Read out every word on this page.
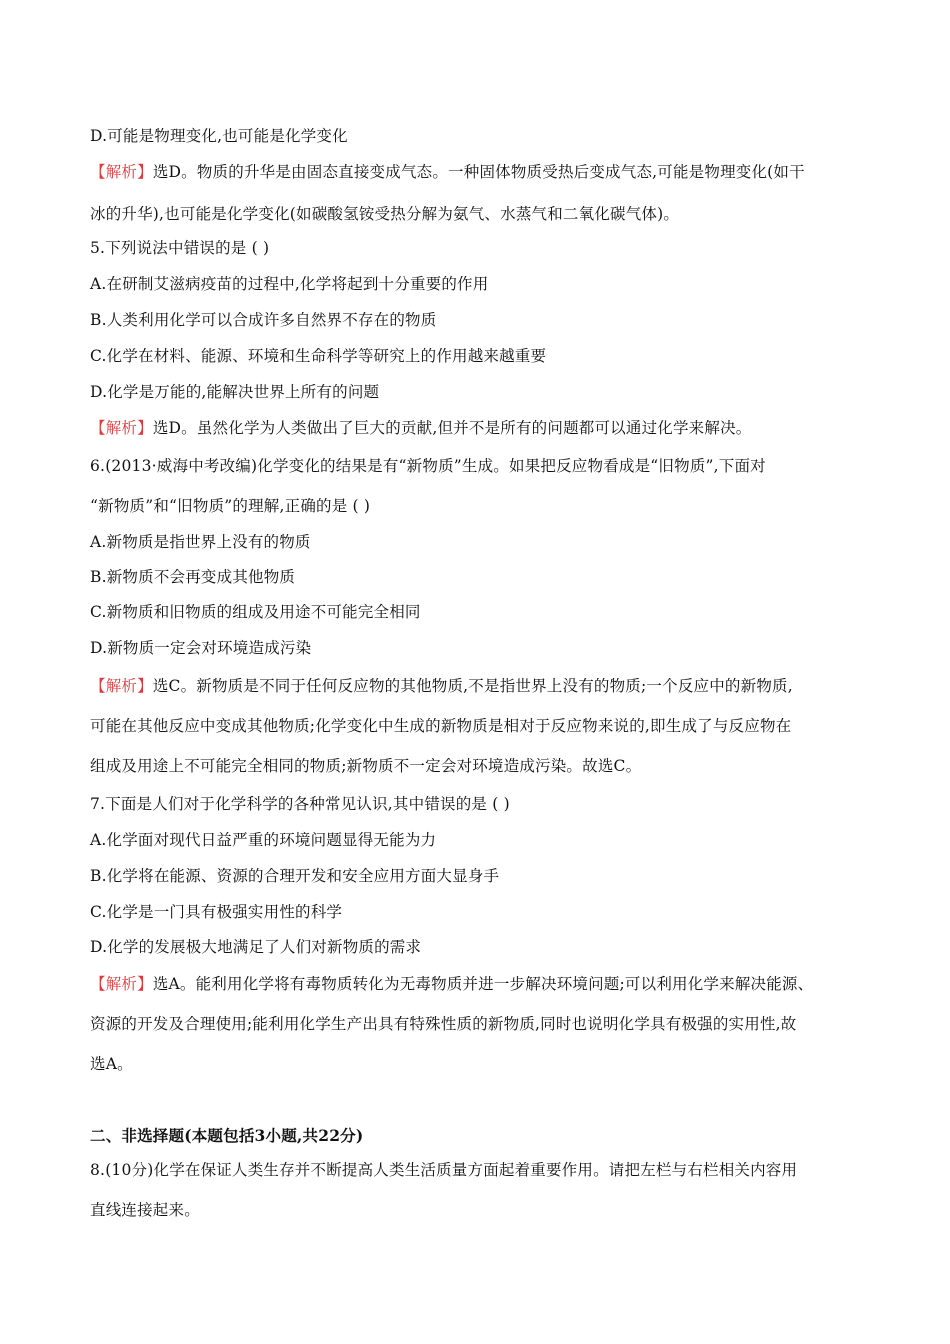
D.可能是物理变化,也可能是化学变化
【解析】选D。物质的升华是由固态直接变成气态。一种固体物质受热后变成气态,可能是物理变化(如干
冰的升华),也可能是化学变化(如碳酸氢铵受热分解为氨气、水蒸气和二氧化碳气体)。
5.下列说法中错误的是 ( )
A.在研制艾滋病疫苗的过程中,化学将起到十分重要的作用
B.人类利用化学可以合成许多自然界不存在的物质
C.化学在材料、能源、环境和生命科学等研究上的作用越来越重要
D.化学是万能的,能解决世界上所有的问题
【解析】选D。虽然化学为人类做出了巨大的贡献,但并不是所有的问题都可以通过化学来解决。
6.(2013·威海中考改编)化学变化的结果是有“新物质”生成。如果把反应物看成是“旧物质”,下面对
“新物质”和“旧物质”的理解,正确的是 ( )
A.新物质是指世界上没有的物质
B.新物质不会再变成其他物质
C.新物质和旧物质的组成及用途不可能完全相同
D.新物质一定会对环境造成污染
【解析】选C。新物质是不同于任何反应物的其他物质,不是指世界上没有的物质;一个反应中的新物质,
可能在其他反应中变成其他物质;化学变化中生成的新物质是相对于反应物来说的,即生成了与反应物在
组成及用途上不可能完全相同的物质;新物质不一定会对环境造成污染。故选C。
7.下面是人们对于化学科学的各种常见认识,其中错误的是 ( )
A.化学面对现代日益严重的环境问题显得无能为力
B.化学将在能源、资源的合理开发和安全应用方面大显身手
C.化学是一门具有极强实用性的科学
D.化学的发展极大地满足了人们对新物质的需求
【解析】选A。能利用化学将有毒物质转化为无毒物质并进一步解决环境问题;可以利用化学来解决能源、
资源的开发及合理使用;能利用化学生产出具有特殊性质的新物质,同时也说明化学具有极强的实用性,故
选A。
二、非选择题(本题包括3小题,共22分)
8.(10分)化学在保证人类生存并不断提高人类生活质量方面起着重要作用。请把左栏与右栏相关内容用
直线连接起来。
